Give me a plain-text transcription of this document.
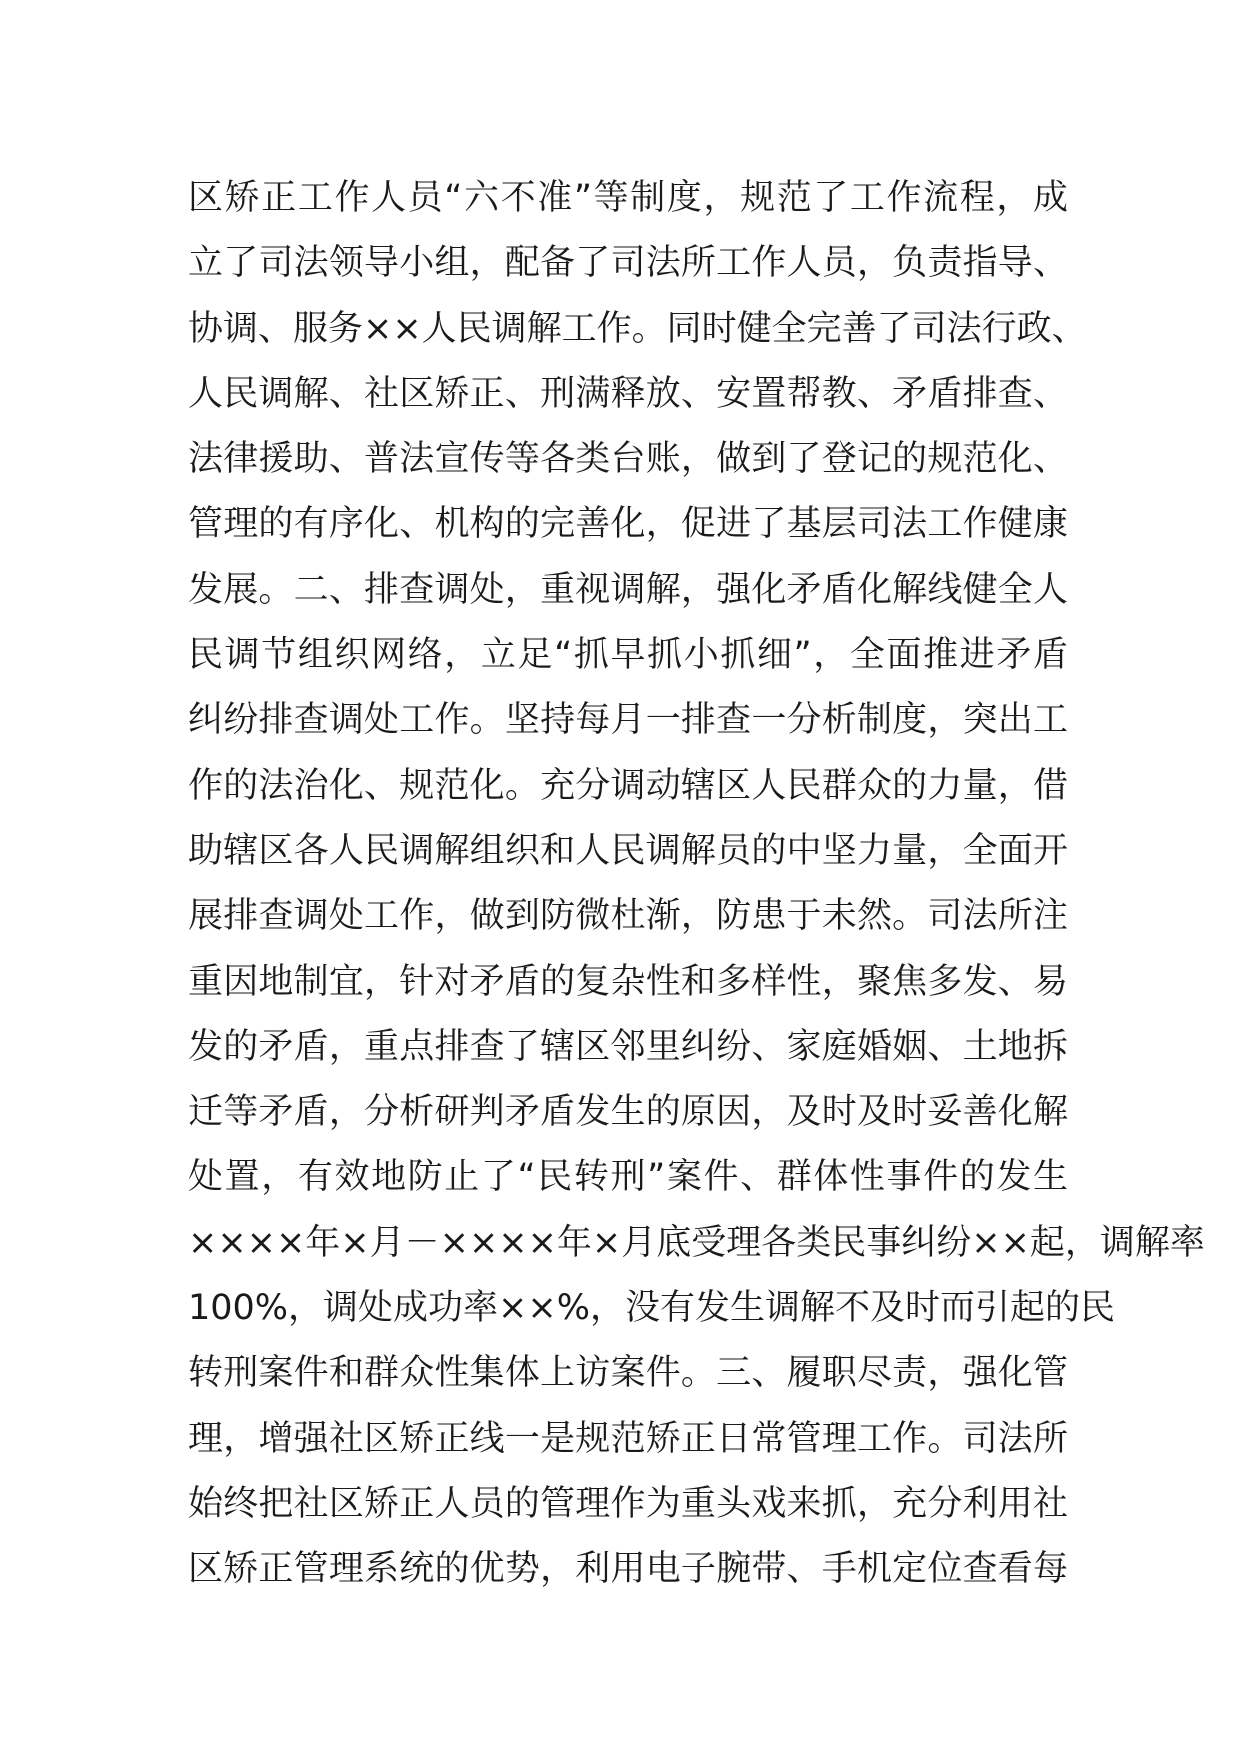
区矫正工作人员“六不准”等制度，规范了工作流程，成
立了司法领导小组，配备了司法所工作人员，负责指导、
协调、服务××人民调解工作。同时健全完善了司法行政、
人民调解、社区矫正、刑满释放、安置帮教、矛盾排查、
法律援助、普法宣传等各类台账，做到了登记的规范化、
管理的有序化、机构的完善化，促进了基层司法工作健康
发展。二、排查调处，重视调解，强化矛盾化解线健全人
民调节组织网络，立足“抓早抓小抓细”，全面推进矛盾
纠纷排查调处工作。坚持每月一排查一分析制度，突出工
作的法治化、规范化。充分调动辖区人民群众的力量，借
助辖区各人民调解组织和人民调解员的中坚力量，全面开
展排查调处工作，做到防微杜渐，防患于未然。司法所注
重因地制宜，针对矛盾的复杂性和多样性，聚焦多发、易
发的矛盾，重点排查了辖区邻里纠纷、家庭婚姻、土地拆
迁等矛盾，分析研判矛盾发生的原因，及时及时妥善化解
处置，有效地防止了“民转刑”案件、群体性事件的发生
××××年×月－××××年×月底受理各类民事纠纷××起，调解率
100%，调处成功率××%，没有发生调解不及时而引起的民
转刑案件和群众性集体上访案件。三、履职尽责，强化管
理，增强社区矫正线一是规范矫正日常管理工作。司法所
始终把社区矫正人员的管理作为重头戏来抓，充分利用社
区矫正管理系统的优势，利用电子腕带、手机定位查看每
